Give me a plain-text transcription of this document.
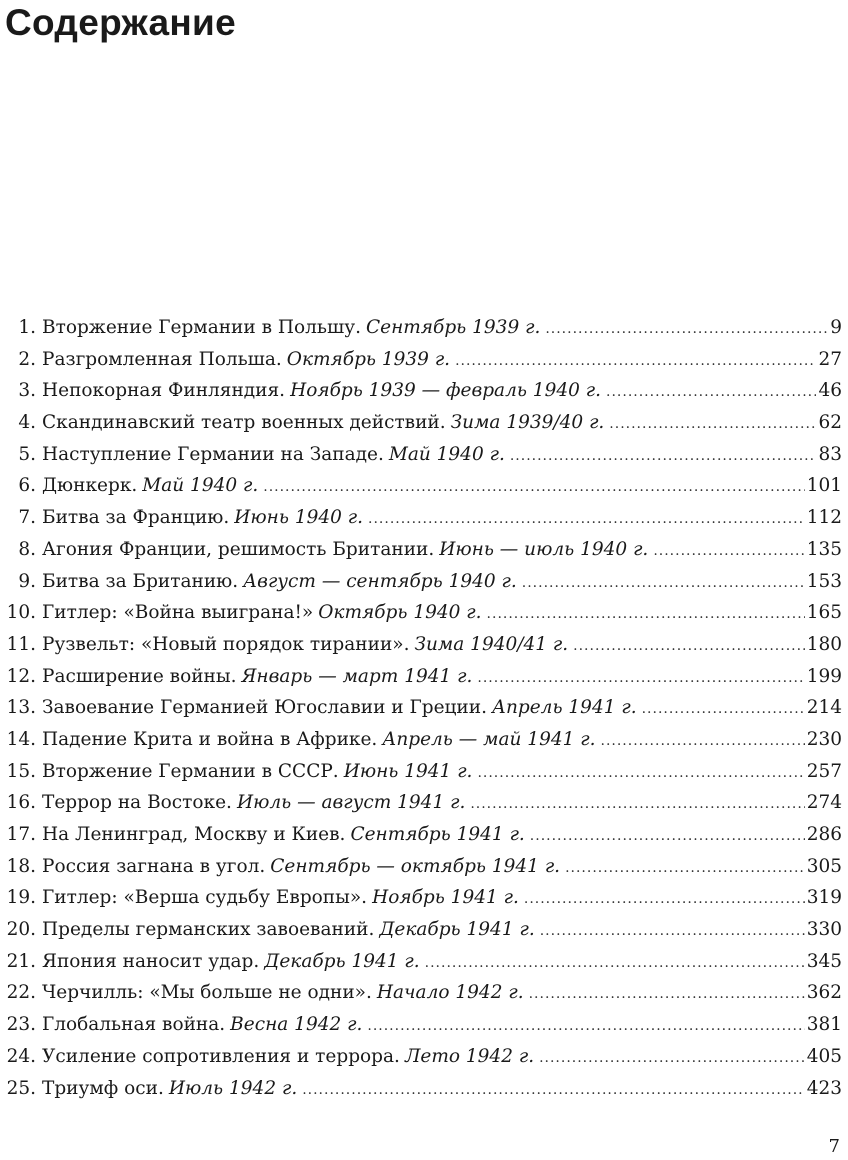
Содержание
1. Вторжение Германии в Польшу. Сентябрь 1939 г. .....	9
2. Разгромленная Польша. Октябрь 1939 г. .....	27
3. Непокорная Финляндия. Ноябрь 1939 — февраль 1940 г. .....	46
4. Скандинавский театр военных действий. Зима 1939/40 г. .....	62
5. Наступление Германии на Западе. Май 1940 г. .....	83
6. Дюнкерк. Май 1940 г. .....	101
7. Битва за Францию. Июнь 1940 г. .....	112
8. Агония Франции, решимость Британии. Июнь — июль 1940 г. .....	135
9. Битва за Британию. Август — сентябрь 1940 г. .....	153
10. Гитлер: «Война выиграна!» Октябрь 1940 г. .....	165
11. Рузвельт: «Новый порядок тирании». Зима 1940/41 г. .....	180
12. Расширение войны. Январь — март 1941 г. .....	199
13. Завоевание Германией Югославии и Греции. Апрель 1941 г. .....	214
14. Падение Крита и война в Африке. Апрель — май 1941 г. .....	230
15. Вторжение Германии в СССР. Июнь 1941 г. .....	257
16. Террор на Востоке. Июль — август 1941 г. .....	274
17. На Ленинград, Москву и Киев. Сентябрь 1941 г. .....	286
18. Россия загнана в угол. Сентябрь — октябрь 1941 г. .....	305
19. Гитлер: «Верша судьбу Европы». Ноябрь 1941 г. .....	319
20. Пределы германских завоеваний. Декабрь 1941 г. .....	330
21. Япония наносит удар. Декабрь 1941 г. .....	345
22. Черчилль: «Мы больше не одни». Начало 1942 г. .....	362
23. Глобальная война. Весна 1942 г. .....	381
24. Усиление сопротивления и террора. Лето 1942 г. .....	405
25. Триумф оси. Июль 1942 г. .....	423
7
